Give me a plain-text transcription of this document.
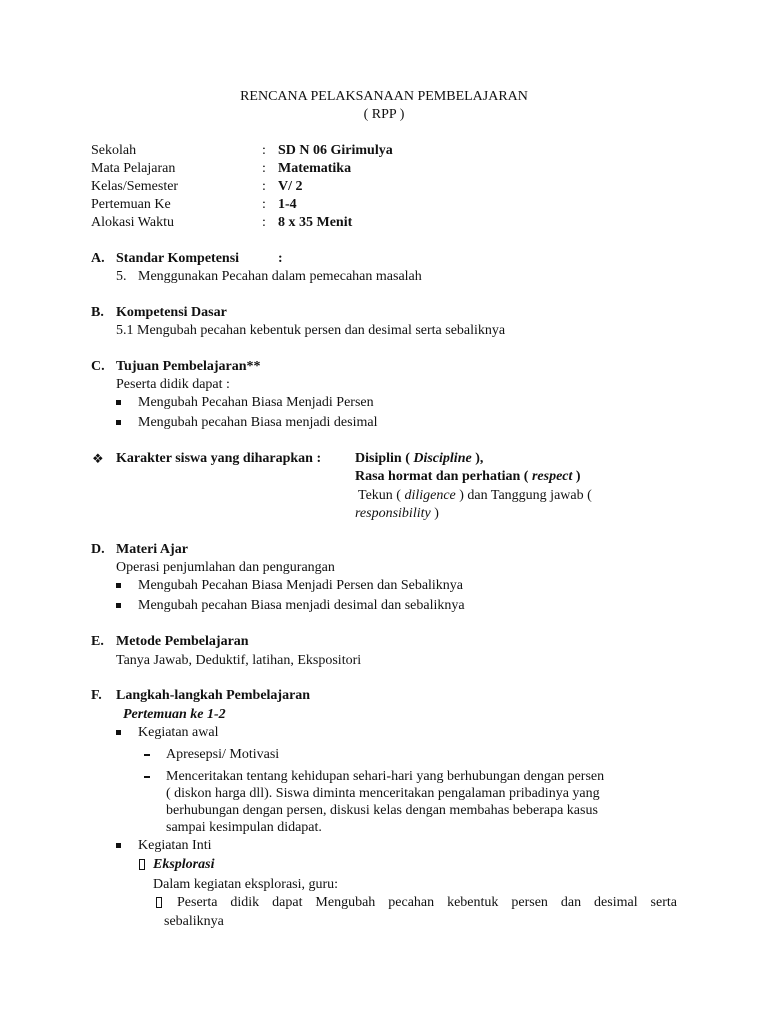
RENCANA PELAKSANAAN PEMBELAJARAN
( RPP )
Sekolah	: SD N 06 Girimulya
Mata Pelajaran	: Matematika
Kelas/Semester	: V/ 2
Pertemuan Ke	: 1-4
Alokasi Waktu	: 8 x 35 Menit
A. Standar Kompetensi	:
5. Menggunakan Pecahan dalam pemecahan masalah
B. Kompetensi Dasar
5.1 Mengubah pecahan kebentuk persen dan desimal serta sebaliknya
C. Tujuan Pembelajaran**
Peserta didik dapat :
Mengubah Pecahan Biasa Menjadi Persen
Mengubah pecahan Biasa menjadi desimal
❖ Karakter siswa yang diharapkan : Disiplin ( Discipline ),
Rasa hormat dan perhatian ( respect )
Tekun ( diligence ) dan Tanggung jawab (
responsibility )
D. Materi Ajar
Operasi penjumlahan dan pengurangan
Mengubah Pecahan Biasa Menjadi Persen dan Sebaliknya
Mengubah pecahan Biasa menjadi desimal dan sebaliknya
E. Metode Pembelajaran
Tanya Jawab, Deduktif, latihan, Ekspositori
F. Langkah-langkah Pembelajaran
Pertemuan ke 1-2
Kegiatan awal
Apresepsi/ Motivasi
Menceritakan tentang kehidupan sehari-hari yang berhubungan dengan persen
( diskon harga dll). Siswa diminta menceritakan pengalaman pribadinya yang
berhubungan dengan persen, diskusi kelas dengan membahas beberapa kasus
sampai kesimpulan didapat.
Kegiatan Inti
Eksplorasi
Dalam kegiatan eksplorasi, guru:
Peserta didik dapat Mengubah pecahan kebentuk persen dan desimal serta
sebaliknya
